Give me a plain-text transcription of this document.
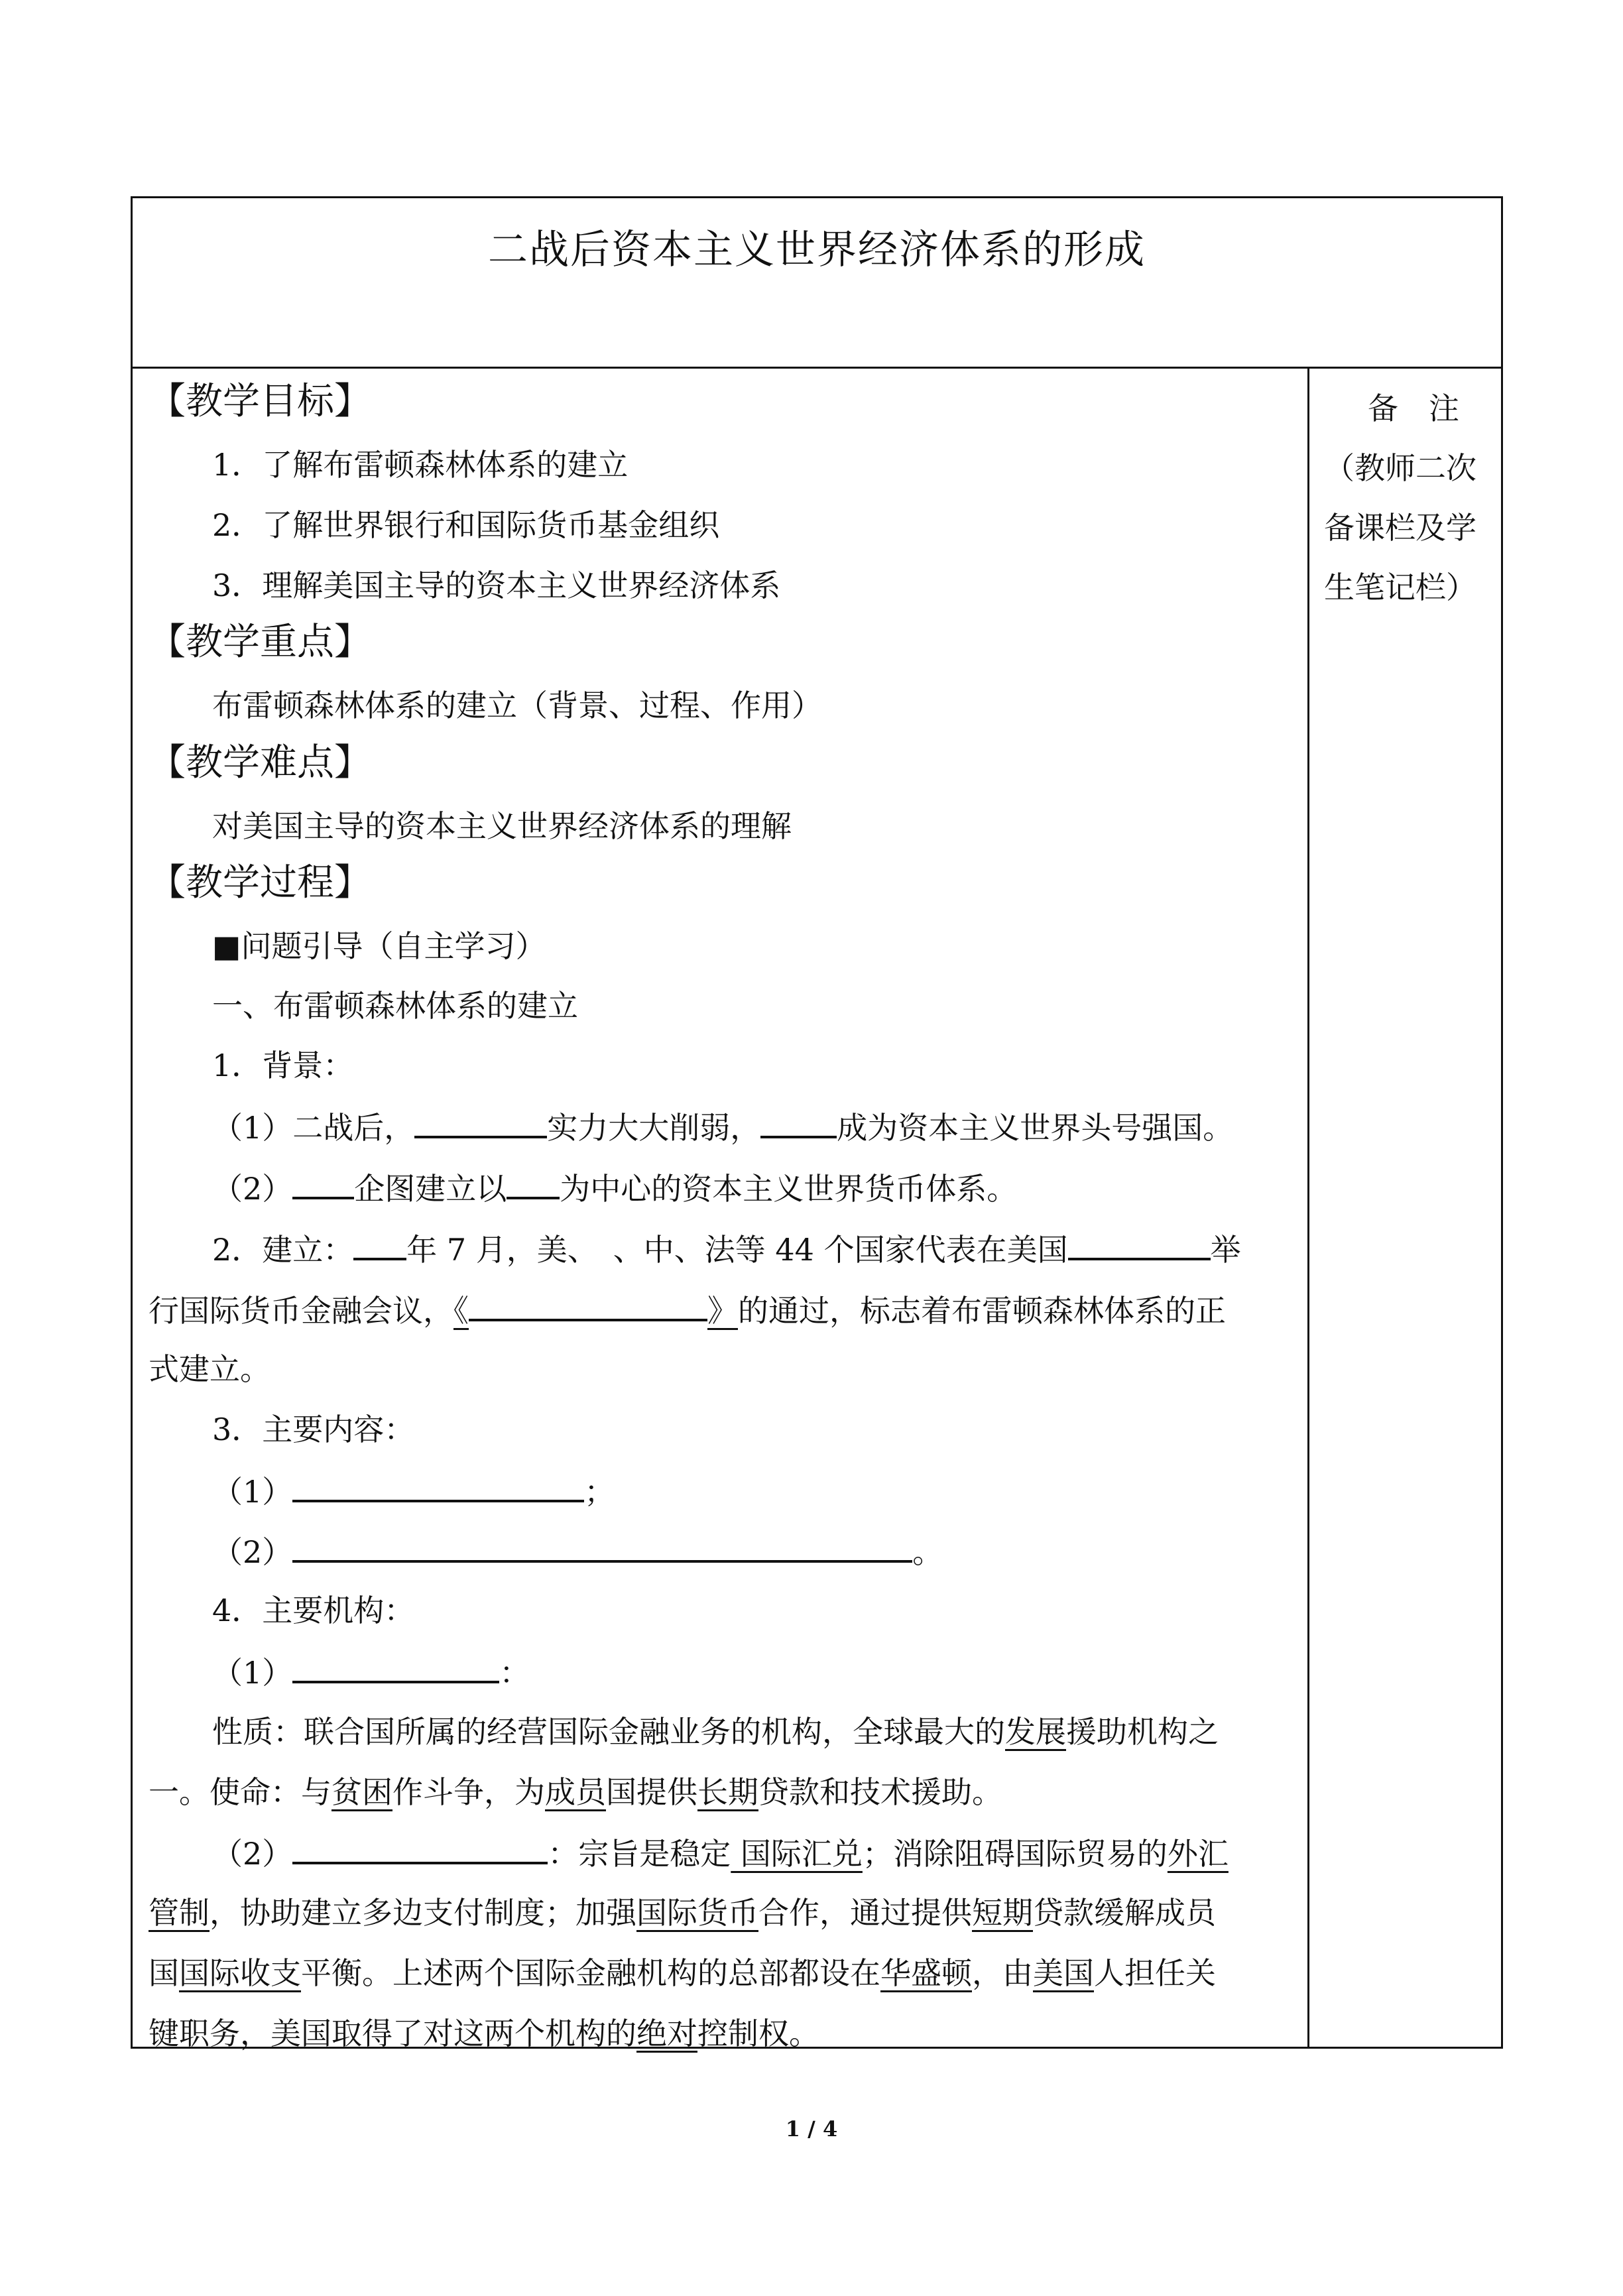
二战后资本主义世界经济体系的形成
【教学目标】
1．了解布雷顿森林体系的建立
2．了解世界银行和国际货币基金组织
3．理解美国主导的资本主义世界经济体系
【教学重点】
布雷顿森林体系的建立（背景、过程、作用）
【教学难点】
对美国主导的资本主义世界经济体系的理解
【教学过程】
■问题引导（自主学习）
一、布雷顿森林体系的建立
1．背景：
（1）二战后，	实力大大削弱，	成为资本主义世界头号强国。
（2） 企图建立以 为中心的资本主义世界货币体系。
2．建立： 年 7 月，美、　、中、法等 44 个国家代表在美国	举
行国际货币金融会议，《	》的通过，标志着布雷顿森林体系的正
式建立。
3．主要内容：
（1）	；
（2）	。
4．主要机构：
（1）	：
性质：联合国所属的经营国际金融业务的机构，全球最大的发展援助机构之
一。使命：与贫困作斗争，为成员国提供长期贷款和技术援助。
（2）	：宗旨是稳定 国际汇兑；消除阻碍国际贸易的外汇
管制，协助建立多边支付制度；加强国际货币合作，通过提供短期贷款缓解成员
国国际收支平衡。上述两个国际金融机构的总部都设在华盛顿，由美国人担任关
键职务，美国取得了对这两个机构的绝对控制权。
备　注
（教师二次
备课栏及学
生笔记栏）
1 / 4
